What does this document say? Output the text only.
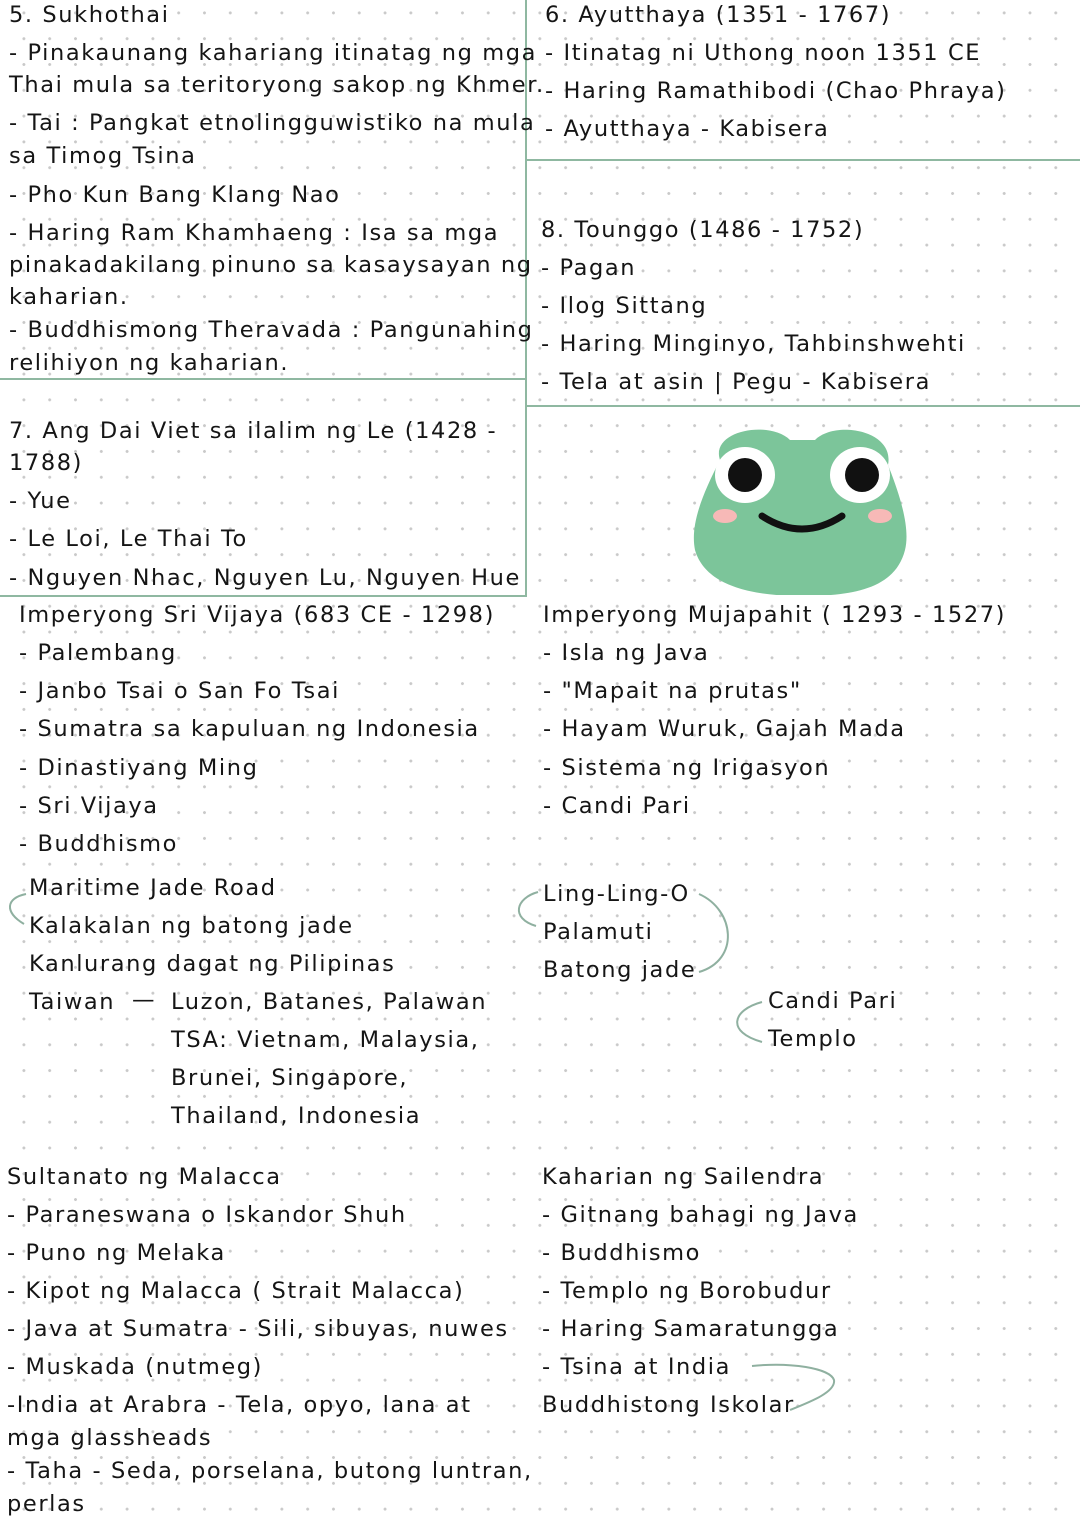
5. Sukhothai
- Pinakaunang kahariang itinatag ng mga
Thai mula sa teritoryong sakop ng Khmer.
- Tai : Pangkat etnolingguwistiko na mula
sa Timog Tsina
- Pho Kun Bang Klang Nao
- Haring Ram Khamhaeng : Isa sa mga
pinakadakilang pinuno sa kasaysayan ng
kaharian.
- Buddhismong Theravada : Pangunahing
relihiyon ng kaharian.
6. Ayutthaya (1351 - 1767)
- Itinatag ni Uthong noon 1351 CE
- Haring Ramathibodi (Chao Phraya)
- Ayutthaya - Kabisera
8. Tounggo (1486 - 1752)
- Pagan
- Ilog Sittang
- Haring Minginyo, Tahbinshwehti
- Tela at asin | Pegu - Kabisera
7. Ang Dai Viet sa ilalim ng Le (1428 -
1788)
- Yue
- Le Loi, Le Thai To
- Nguyen Nhac, Nguyen Lu, Nguyen Hue
Imperyong Sri Vijaya (683 CE - 1298)
- Palembang
- Janbo Tsai o San Fo Tsai
- Sumatra sa kapuluan ng Indonesia
- Dinastiyang Ming
- Sri Vijaya
- Buddhismo
Maritime Jade Road
Kalakalan ng batong jade
Kanlurang dagat ng Pilipinas
Taiwan — Luzon, Batanes, Palawan
TSA: Vietnam, Malaysia,
Brunei, Singapore,
Thailand, Indonesia
Imperyong Mujapahit ( 1293 - 1527)
- Isla ng Java
- "Mapait na prutas"
- Hayam Wuruk, Gajah Mada
- Sistema ng Irigasyon
- Candi Pari
Ling-Ling-O
Palamuti
Batong jade
Candi Pari
Templo
Sultanato ng Malacca
- Paraneswana o Iskandor Shuh
- Puno ng Melaka
- Kipot ng Malacca ( Strait Malacca)
- Java at Sumatra - Sili, sibuyas, nuwes
- Muskada (nutmeg)
-India at Arabra - Tela, opyo, lana at
mga glassheads
- Taha - Seda, porselana, butong luntran,
perlas
Kaharian ng Sailendra
- Gitnang bahagi ng Java
- Buddhismo
- Templo ng Borobudur
- Haring Samaratungga
- Tsina at India
Buddhistong Iskolar
